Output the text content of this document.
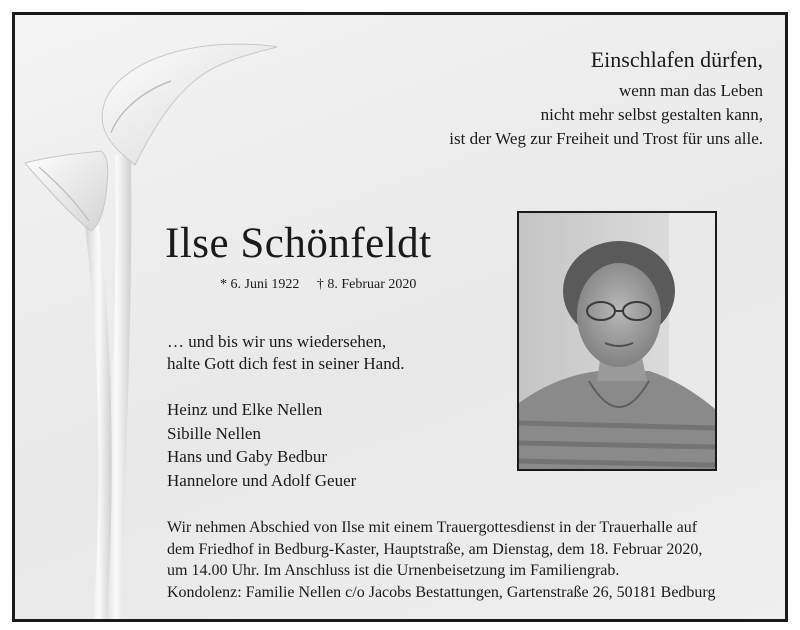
Einschlafen dürfen,
wenn man das Leben
nicht mehr selbst gestalten kann,
ist der Weg zur Freiheit und Trost für uns alle.
Ilse Schönfeldt
* 6. Juni 1922 † 8. Februar 2020
… und bis wir uns wiedersehen,
halte Gott dich fest in seiner Hand.
Heinz und Elke Nellen
Sibille Nellen
Hans und Gaby Bedbur
Hannelore und Adolf Geuer
Wir nehmen Abschied von Ilse mit einem Trauergottesdienst in der Trauerhalle auf
dem Friedhof in Bedburg-Kaster, Hauptstraße, am Dienstag, dem 18. Februar 2020,
um 14.00 Uhr. Im Anschluss ist die Urnenbeisetzung im Familiengrab.
Kondolenz: Familie Nellen c/o Jacobs Bestattungen, Gartenstraße 26, 50181 Bedburg
